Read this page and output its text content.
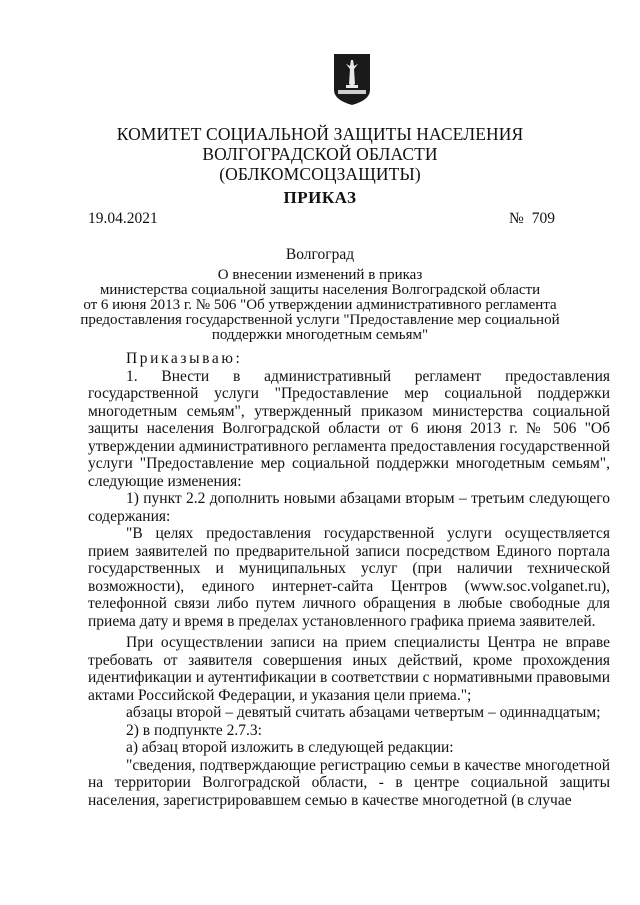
КОМИТЕТ СОЦИАЛЬНОЙ ЗАЩИТЫ НАСЕЛЕНИЯ
ВОЛГОГРАДСКОЙ ОБЛАСТИ
(ОБЛКОМСОЦЗАЩИТЫ)
ПРИКАЗ
19.04.2021	№ 709
Волгоград
О внесении изменений в приказ
министерства социальной защиты населения Волгоградской области
от 6 июня 2013 г. № 506 "Об утверждении административного регламента
предоставления государственной услуги "Предоставление мер социальной
поддержки многодетным семьям"

Приказываю:

1. Внести в административный регламент предоставления государственной услуги "Предоставление мер социальной поддержки многодетным семьям", утвержденный приказом министерства социальной защиты населения Волгоградской области от 6 июня 2013 г. № 506 "Об утверждении административного регламента предоставления государственной услуги "Предоставление мер социальной поддержки многодетным семьям", следующие изменения:

1) пункт 2.2 дополнить новыми абзацами вторым – третьим следующего содержания:

"В целях предоставления государственной услуги осуществляется прием заявителей по предварительной записи посредством Единого портала государственных и муниципальных услуг (при наличии технической возможности), единого интернет-сайта Центров (www.soc.volganet.ru), телефонной связи либо путем личного обращения в любые свободные для приема дату и время в пределах установленного графика приема заявителей.

При осуществлении записи на прием специалисты Центра не вправе требовать от заявителя совершения иных действий, кроме прохождения идентификации и аутентификации в соответствии с нормативными правовыми актами Российской Федерации, и указания цели приема.";

абзацы второй – девятый считать абзацами четвертым – одиннадцатым;

2) в подпункте 2.7.3:

а) абзац второй изложить в следующей редакции:

"сведения, подтверждающие регистрацию семьи в качестве многодетной на территории Волгоградской области, - в центре социальной защиты населения, зарегистрировавшем семью в качестве многодетной (в случае
